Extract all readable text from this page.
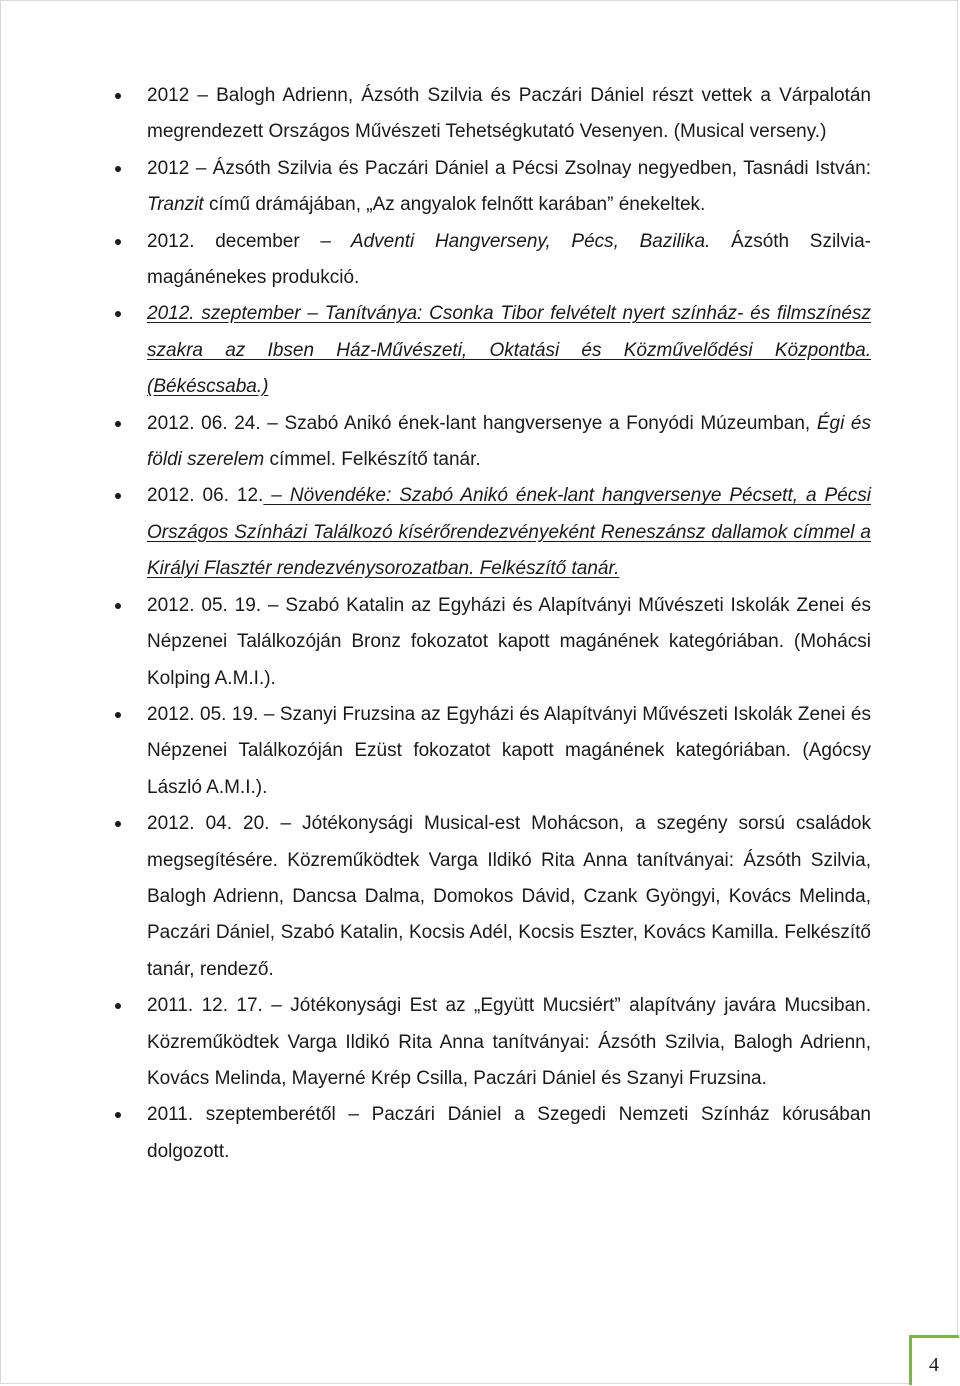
2012 – Balogh Adrienn, Ázsóth Szilvia és Paczári Dániel részt vettek a Várpalotán megrendezett Országos Művészeti Tehetségkutató Vesenyen. (Musical verseny.)
2012 – Ázsóth Szilvia és Paczári Dániel a Pécsi Zsolnay negyedben, Tasnádi István: Tranzit című drámájában, „Az angyalok felnőtt karában” énekeltek.
2012. december – Adventi Hangverseny, Pécs, Bazilika. Ázsóth Szilvia- magánénekes produkció.
2012. szeptember – Tanítványa: Csonka Tibor felvételt nyert színház- és filmszínész szakra az Ibsen Ház-Művészeti, Oktatási és Közművelődési Központba. (Békéscsaba.)
2012. 06. 24. – Szabó Anikó ének-lant hangversenye a Fonyódi Múzeumban, Égi és földi szerelem címmel. Felkészítő tanár.
2012. 06. 12. – Növendéke: Szabó Anikó ének-lant hangversenye Pécsett, a Pécsi Országos Színházi Találkozó kísérőrendezvényeként Reneszánsz dallamok címmel a Királyi Flasztér rendezvénysorozatban. Felkészítő tanár.
2012. 05. 19. – Szabó Katalin az Egyházi és Alapítványi Művészeti Iskolák Zenei és Népzenei Találkozóján Bronz fokozatot kapott magánének kategóriában. (Mohácsi Kolping A.M.I.).
2012. 05. 19. – Szanyi Fruzsina az Egyházi és Alapítványi Művészeti Iskolák Zenei és Népzenei Találkozóján Ezüst fokozatot kapott magánének kategóriában. (Agócsy László A.M.I.).
2012. 04. 20. – Jótékonysági Musical-est Mohácson, a szegény sorsú családok megsegítésére. Közreműködtek Varga Ildikó Rita Anna tanítványai: Ázsóth Szilvia, Balogh Adrienn, Dancsa Dalma, Domokos Dávid, Czank Gyöngyi, Kovács Melinda, Paczári Dániel, Szabó Katalin, Kocsis Adél, Kocsis Eszter, Kovács Kamilla. Felkészítő tanár, rendező.
2011. 12. 17. – Jótékonysági Est az „Együtt Mucsiért” alapítvány javára Mucsiban. Közreműködtek Varga Ildikó Rita Anna tanítványai: Ázsóth Szilvia, Balogh Adrienn, Kovács Melinda, Mayerné Krép Csilla, Paczári Dániel és Szanyi Fruzsina.
2011. szeptemberétől – Paczári Dániel a Szegedi Nemzeti Színház kórusában dolgozott.
4
